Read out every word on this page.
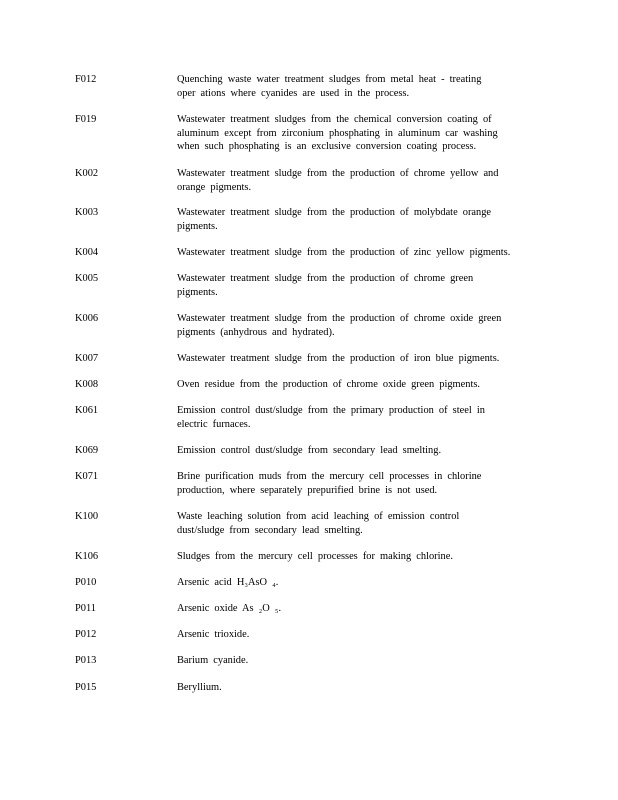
F012	Quenching waste water treatment sludges from metal heat - treating
oper ations where cyanides are used in the process.
F019	Wastewater treatment sludges from the chemical conversion coating of
aluminum except from zirconium phosphating in aluminum car washing
when such phosphating is an exclusive conversion coating process.
K002	Wastewater treatment sludge from the production of chrome yellow and
orange pigments.
K003	Wastewater treatment sludge from the production of molybdate orange
pigments.
K004	Wastewater treatment sludge from the production of zinc yellow pigments.
K005	Wastewater treatment sludge from the production of chrome green
pigments.
K006	Wastewater treatment sludge from the production of chrome oxide green
pigments (anhydrous and hydrated).
K007	Wastewater treatment sludge from the production of iron blue pigments.
K008	Oven residue from the production of chrome oxide green pigments.
K061	Emission control dust/sludge from the primary production of steel in
electric furnaces.
K069	Emission control dust/sludge from secondary lead smelting.
K071	Brine purification muds from the mercury cell processes in chlorine
production, where separately prepurified brine is not used.
K100	Waste leaching solution from acid leaching of emission control
dust/sludge from secondary lead smelting.
K106	Sludges from the mercury cell processes for making chlorine.
P010	Arsenic acid H₃AsO ₄.
P011	Arsenic oxide As ₂O ₅.
P012	Arsenic trioxide.
P013	Barium cyanide.
P015	Beryllium.
